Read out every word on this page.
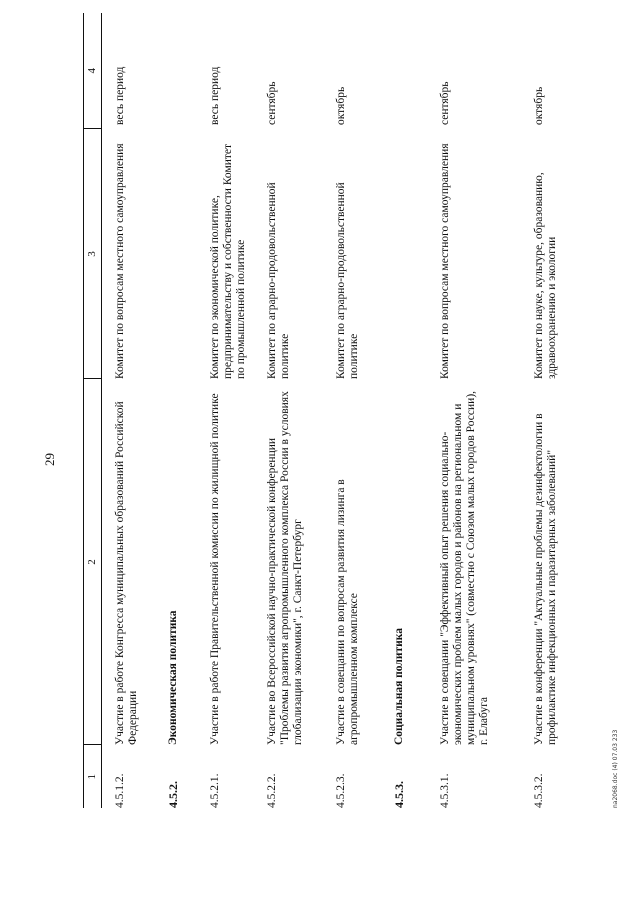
29
1	2	3	4
4.5.1.2.	Участие в работе Конгресса муниципальных образований Российской Федерации	Комитет по вопросам местного самоуправления	весь период
4.5.2.	Экономическая политика		
4.5.2.1.	Участие в работе Правительственной комиссии по жилищной политике	Комитет по экономической политике, предпринимательству и собственности Комитет по промышленной политике	весь период
4.5.2.2.	Участие во Всероссийской научно-практической конференции "Проблемы развития агропромышленного комплекса России в условиях глобализации экономики", г. Санкт-Петербург	Комитет по аграрно-продовольственной политике	сентябрь
4.5.2.3.	Участие в совещании по вопросам развития лизинга в агропромышленном комплексе	Комитет по аграрно-продовольственной политике	октябрь
4.5.3.	Социальная политика		
4.5.3.1.	Участие в совещании "Эффективный опыт решения социально-экономических проблем малых городов и районов на региональном и муниципальном уровнях" (совместно с Союзом малых городов России), г. Елабуга	Комитет по вопросам местного самоуправления	сентябрь
4.5.3.2.	Участие в конференции "Актуальные проблемы дезинфектологии в профилактике инфекционных и паразитарных заболеваний"	Комитет по науке, культуре, образованию, здравоохранению и экологии	октябрь
na2068.doc (4) 07.03 233
